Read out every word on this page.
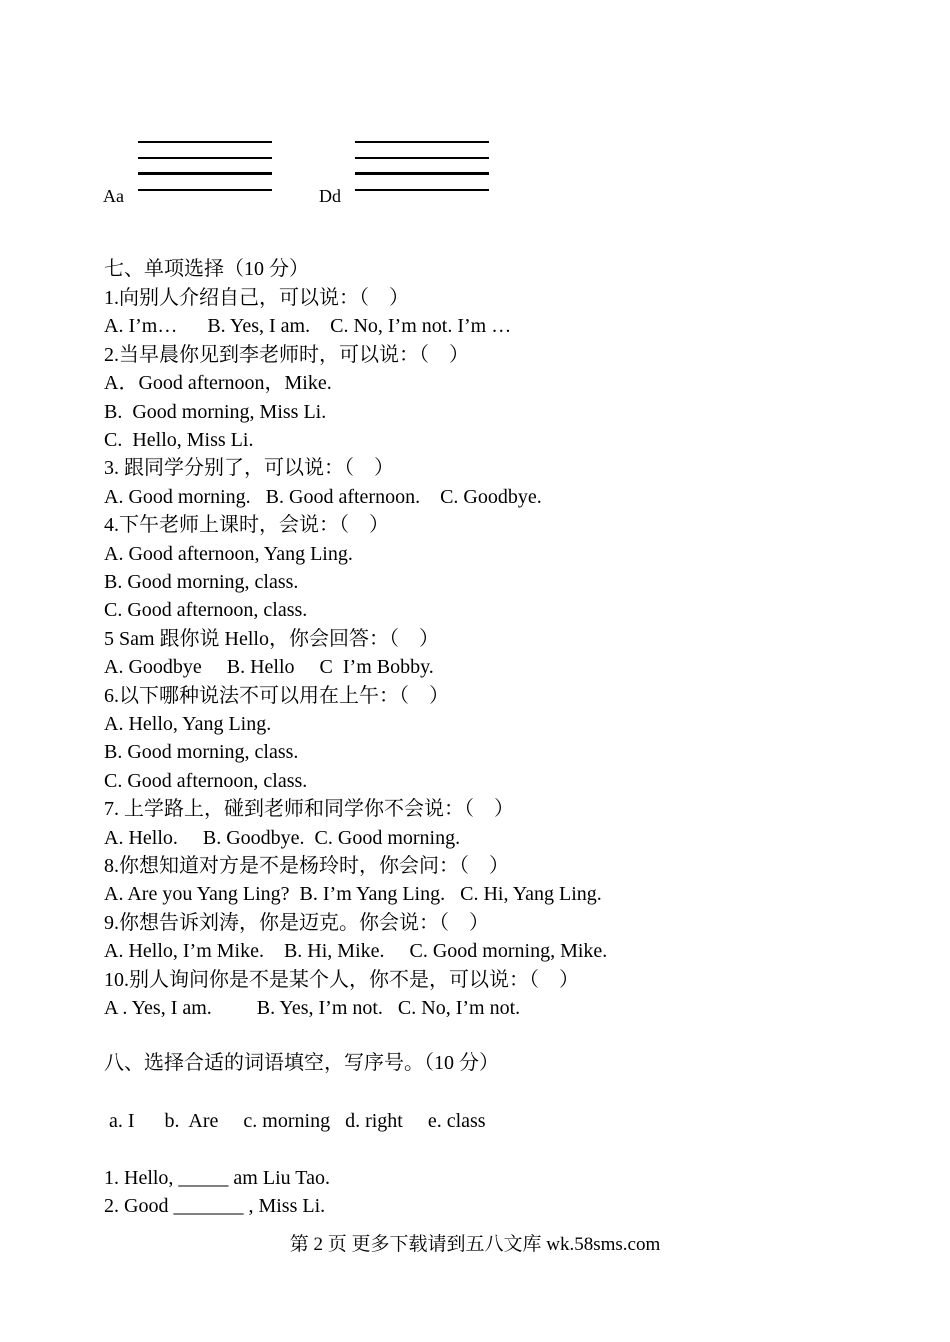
Aa	Dd
七、单项选择（10 分）
1.向别人介绍自己，可以说：（    ）
A. I’m…      B. Yes, I am.    C. No, I’m not. I’m …
2.当早晨你见到李老师时，可以说：（    ）
A．Good afternoon，Mike.
B.  Good morning, Miss Li.
C.  Hello, Miss Li.
3. 跟同学分别了，可以说：（    ）
A. Good morning.   B. Good afternoon.    C. Goodbye.
4.下午老师上课时，会说：（    ）
A. Good afternoon, Yang Ling.
B. Good morning, class.
C. Good afternoon, class.
5 Sam 跟你说 Hello，你会回答：（    ）
A. Goodbye     B. Hello     C  I’m Bobby.
6.以下哪种说法不可以用在上午：（    ）
A. Hello, Yang Ling.
B. Good morning, class.
C. Good afternoon, class.
7. 上学路上，碰到老师和同学你不会说：（    ）
A. Hello.     B. Goodbye.  C. Good morning.
8.你想知道对方是不是杨玲时，你会问：（    ）
A. Are you Yang Ling?  B. I’m Yang Ling.   C. Hi, Yang Ling.
9.你想告诉刘涛，你是迈克。你会说：（    ）
A. Hello, I’m Mike.    B. Hi, Mike.     C. Good morning, Mike.
10.别人询问你是不是某个人，你不是，可以说：（    ）
A . Yes, I am.         B. Yes, I’m not.   C. No, I’m not.
八、选择合适的词语填空，写序号。（10 分）
a. I      b.  Are     c. morning   d. right     e. class
1. Hello, _____ am Liu Tao.
2. Good _______ , Miss Li.
第 2 页 更多下载请到五八文库 wk.58sms.com
